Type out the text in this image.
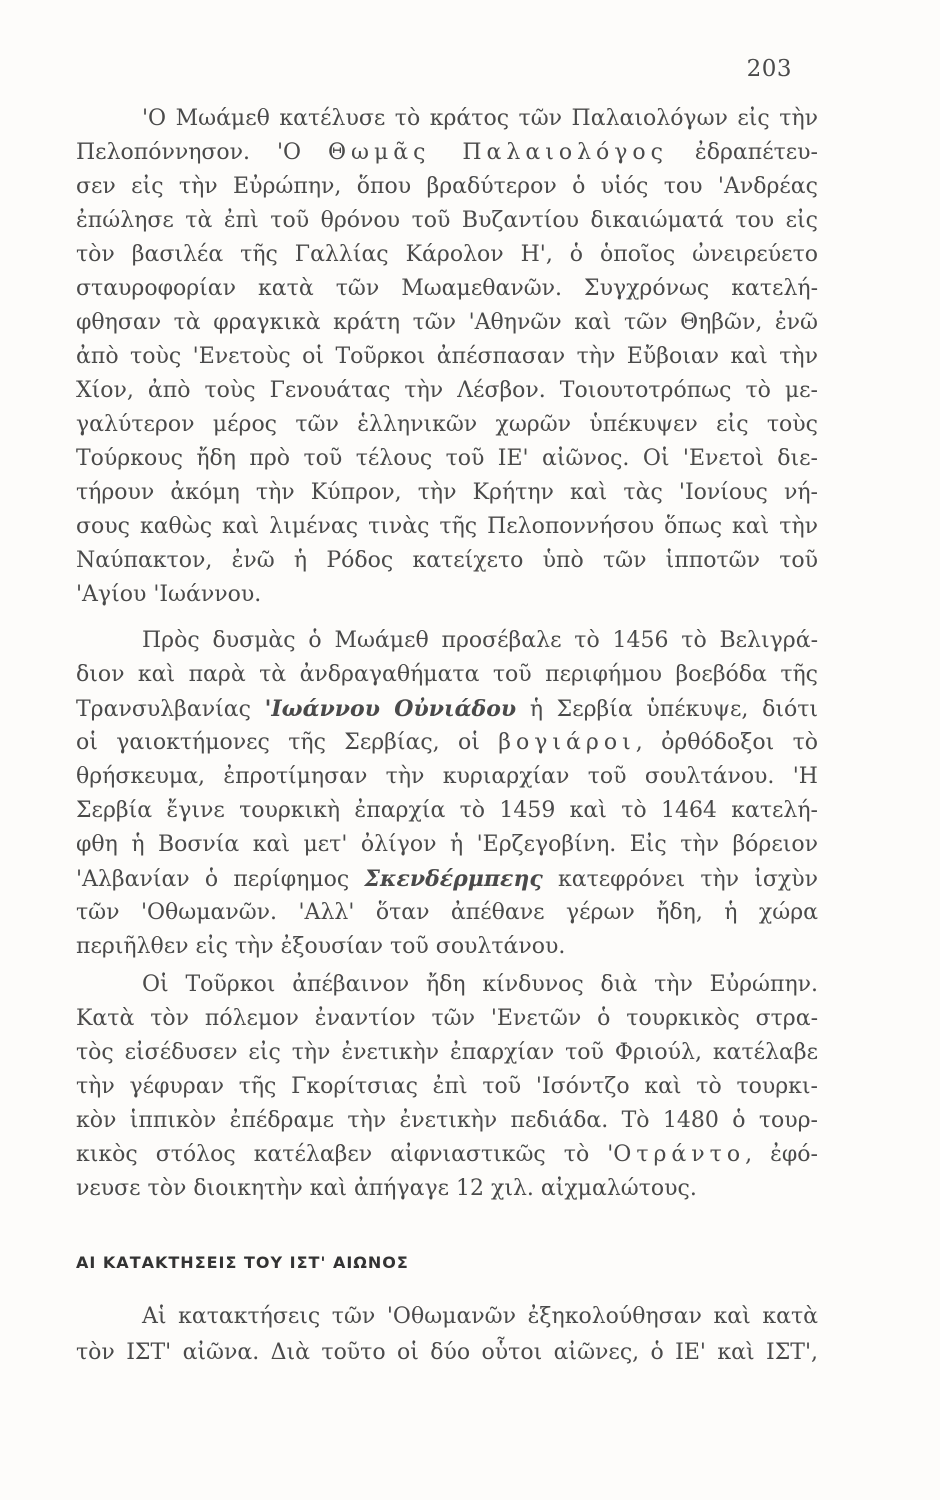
203
'Ο Μωάμεθ κατέλυσε τὸ κράτος τῶν Παλαιολόγων εἰς τὴν
Πελοπόννησον. 'Ο Θωμᾶς Παλαιολόγος ἐδραπέτευ-
σεν εἰς τὴν Εὐρώπην, ὅπου βραδύτερον ὁ υἱός του 'Ανδρέας
ἐπώλησε τὰ ἐπὶ τοῦ θρόνου τοῦ Βυζαντίου δικαιώματά του εἰς
τὸν βασιλέα τῆς Γαλλίας Κάρολον Η', ὁ ὁποῖος ὠνειρεύετο
σταυροφορίαν κατὰ τῶν Μωαμεθανῶν. Συγχρόνως κατελή-
φθησαν τὰ φραγκικὰ κράτη τῶν 'Αθηνῶν καὶ τῶν Θηβῶν, ἐνῶ
ἀπὸ τοὺς 'Ενετοὺς οἱ Τοῦρκοι ἀπέσπασαν τὴν Εὔβοιαν καὶ τὴν
Χίον, ἀπὸ τοὺς Γενουάτας τὴν Λέσβον. Τοιουτοτρόπως τὸ με-
γαλύτερον μέρος τῶν ἑλληνικῶν χωρῶν ὑπέκυψεν εἰς τοὺς
Τούρκους ἤδη πρὸ τοῦ τέλους τοῦ ΙΕ' αἰῶνος. Οἱ 'Ενετοὶ διε-
τήρουν ἀκόμη τὴν Κύπρον, τὴν Κρήτην καὶ τὰς 'Ιονίους νή-
σους καθὼς καὶ λιμένας τινὰς τῆς Πελοποννήσου ὅπως καὶ τὴν
Ναύπακτον, ἐνῶ ἡ Ρόδος κατείχετο ὑπὸ τῶν ἱπποτῶν τοῦ
'Αγίου 'Ιωάννου.
Πρὸς δυσμὰς ὁ Μωάμεθ προσέβαλε τὸ 1456 τὸ Βελιγρά-
διον καὶ παρὰ τὰ ἀνδραγαθήματα τοῦ περιφήμου βοεβόδα τῆς
Τρανσυλβανίας 'Ιωάννου Οὐνιάδου ἡ Σερβία ὑπέκυψε, διότι
οἱ γαιοκτήμονες τῆς Σερβίας, οἱ βογιάροι, ὀρθόδοξοι τὸ
θρήσκευμα, ἐπροτίμησαν τὴν κυριαρχίαν τοῦ σουλτάνου. 'Η
Σερβία ἔγινε τουρκικὴ ἐπαρχία τὸ 1459 καὶ τὸ 1464 κατελή-
φθη ἡ Βοσνία καὶ μετ' ὀλίγον ἡ 'Ερζεγοβίνη. Εἰς τὴν βόρειον
'Αλβανίαν ὁ περίφημος Σκενδέρμπεης κατεφρόνει τὴν ἰσχὺν
τῶν 'Οθωμανῶν. 'Αλλ' ὅταν ἀπέθανε γέρων ἤδη, ἡ χώρα
περιῆλθεν εἰς τὴν ἐξουσίαν τοῦ σουλτάνου.
Οἱ Τοῦρκοι ἀπέβαινον ἤδη κίνδυνος διὰ τὴν Εὐρώπην.
Κατὰ τὸν πόλεμον ἐναντίον τῶν 'Ενετῶν ὁ τουρκικὸς στρα-
τὸς εἰσέδυσεν εἰς τὴν ἐνετικὴν ἐπαρχίαν τοῦ Φριούλ, κατέλαβε
τὴν γέφυραν τῆς Γκορίτσιας ἐπὶ τοῦ 'Ισόντζο καὶ τὸ τουρκι-
κὸν ἱππικὸν ἐπέδραμε τὴν ἐνετικὴν πεδιάδα. Τὸ 1480 ὁ τουρ-
κικὸς στόλος κατέλαβεν αἰφνιαστικῶς τὸ 'Οτράντο, ἐφό-
νευσε τὸν διοικητὴν καὶ ἀπήγαγε 12 χιλ. αἰχμαλώτους.
ΑΙ ΚΑΤΑΚΤΗΣΕΙΣ ΤΟΥ ΙΣΤ' ΑΙΩΝΟΣ
Αἱ κατακτήσεις τῶν 'Οθωμανῶν ἐξηκολούθησαν καὶ κατὰ
τὸν ΙΣΤ' αἰῶνα. Διὰ τοῦτο οἱ δύο οὗτοι αἰῶνες, ὁ ΙΕ' καὶ ΙΣΤ',
